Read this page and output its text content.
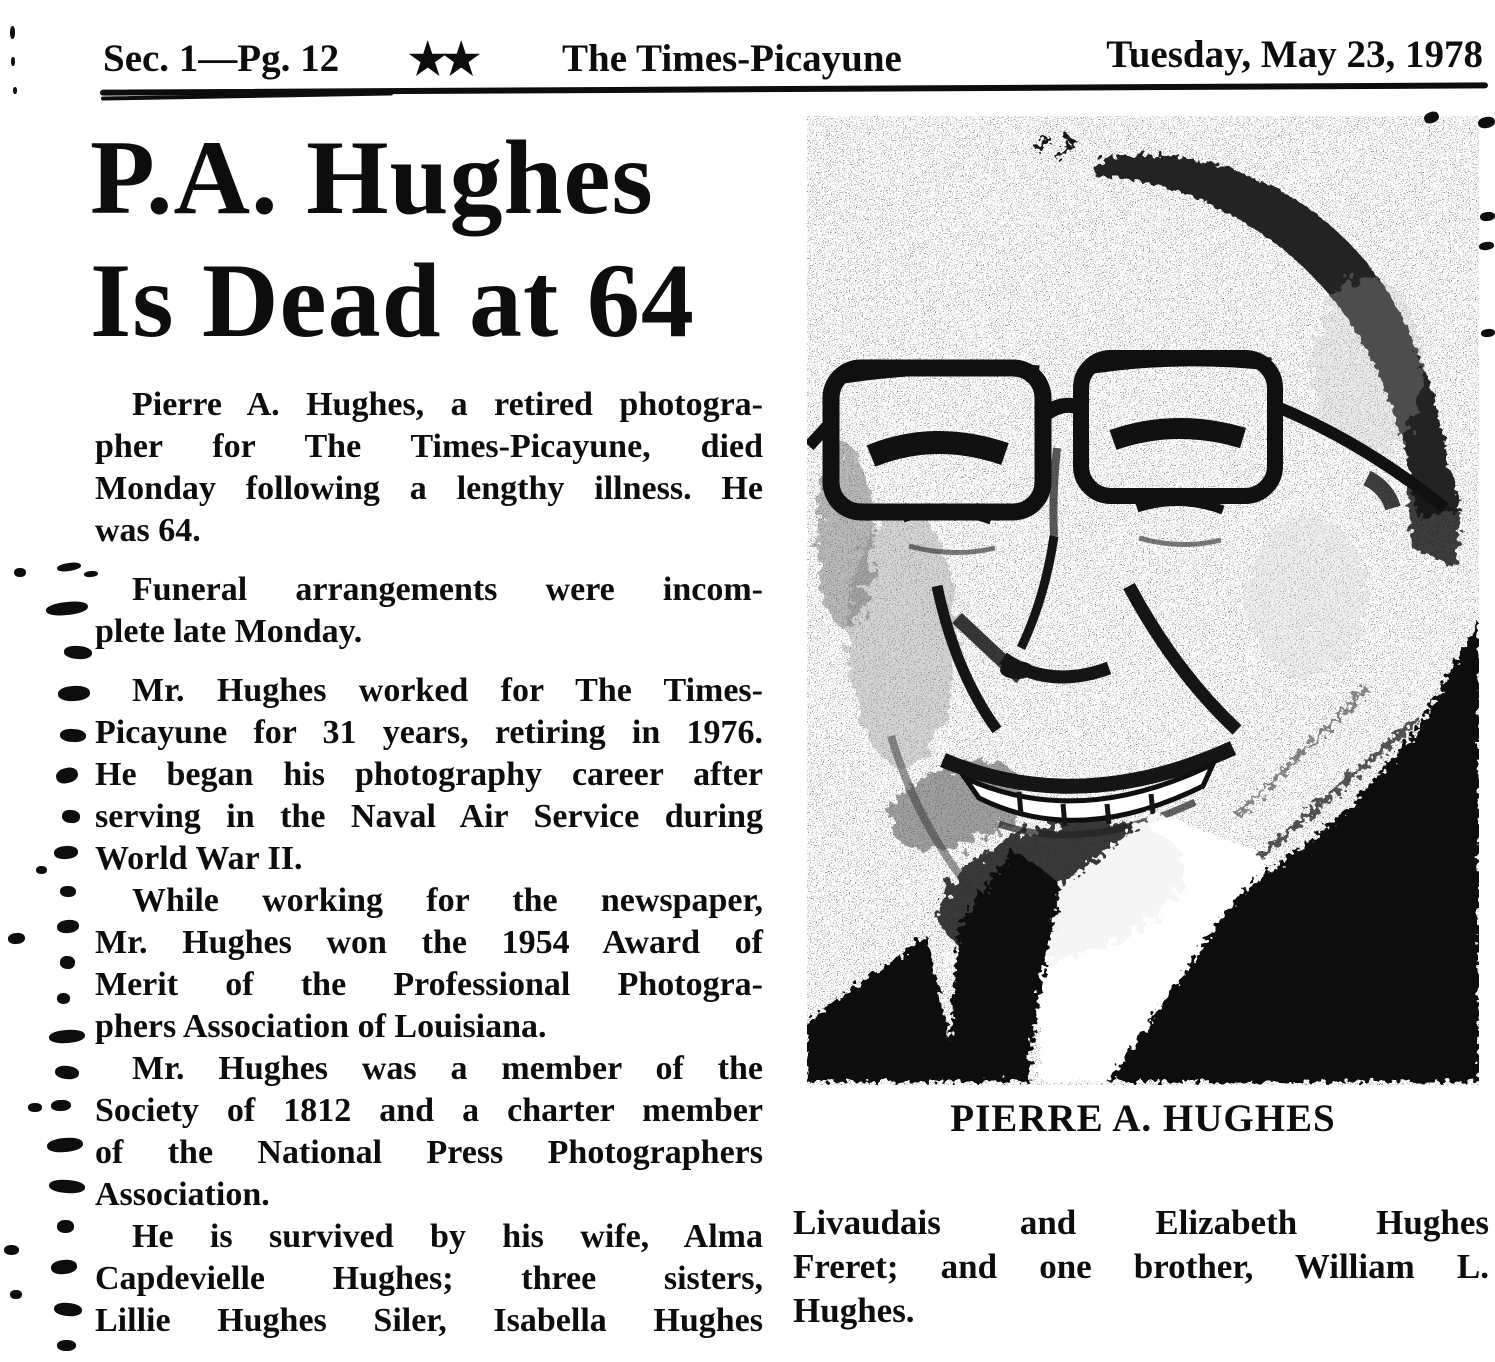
Sec. 1—Pg. 12 ★★ The Times-Picayune	Tuesday, May 23, 1978
P.A. Hughes
Is Dead at 64
Pierre A. Hughes, a retired photogra-
pher for The Times-Picayune, died
Monday following a lengthy illness. He
was 64.
Funeral arrangements were incom-
plete late Monday.
Mr. Hughes worked for The Times-
Picayune for 31 years, retiring in 1976.
He began his photography career after
serving in the Naval Air Service during
World War II.
While working for the newspaper,
Mr. Hughes won the 1954 Award of
Merit of the Professional Photogra-
phers Association of Louisiana.
Mr. Hughes was a member of the
Society of 1812 and a charter member
of the National Press Photographers
Association.
He is survived by his wife, Alma
Capdevielle Hughes; three sisters,
Lillie Hughes Siler, Isabella Hughes
PIERRE A. HUGHES
Livaudais and Elizabeth Hughes
Freret; and one brother, William L.
Hughes.
